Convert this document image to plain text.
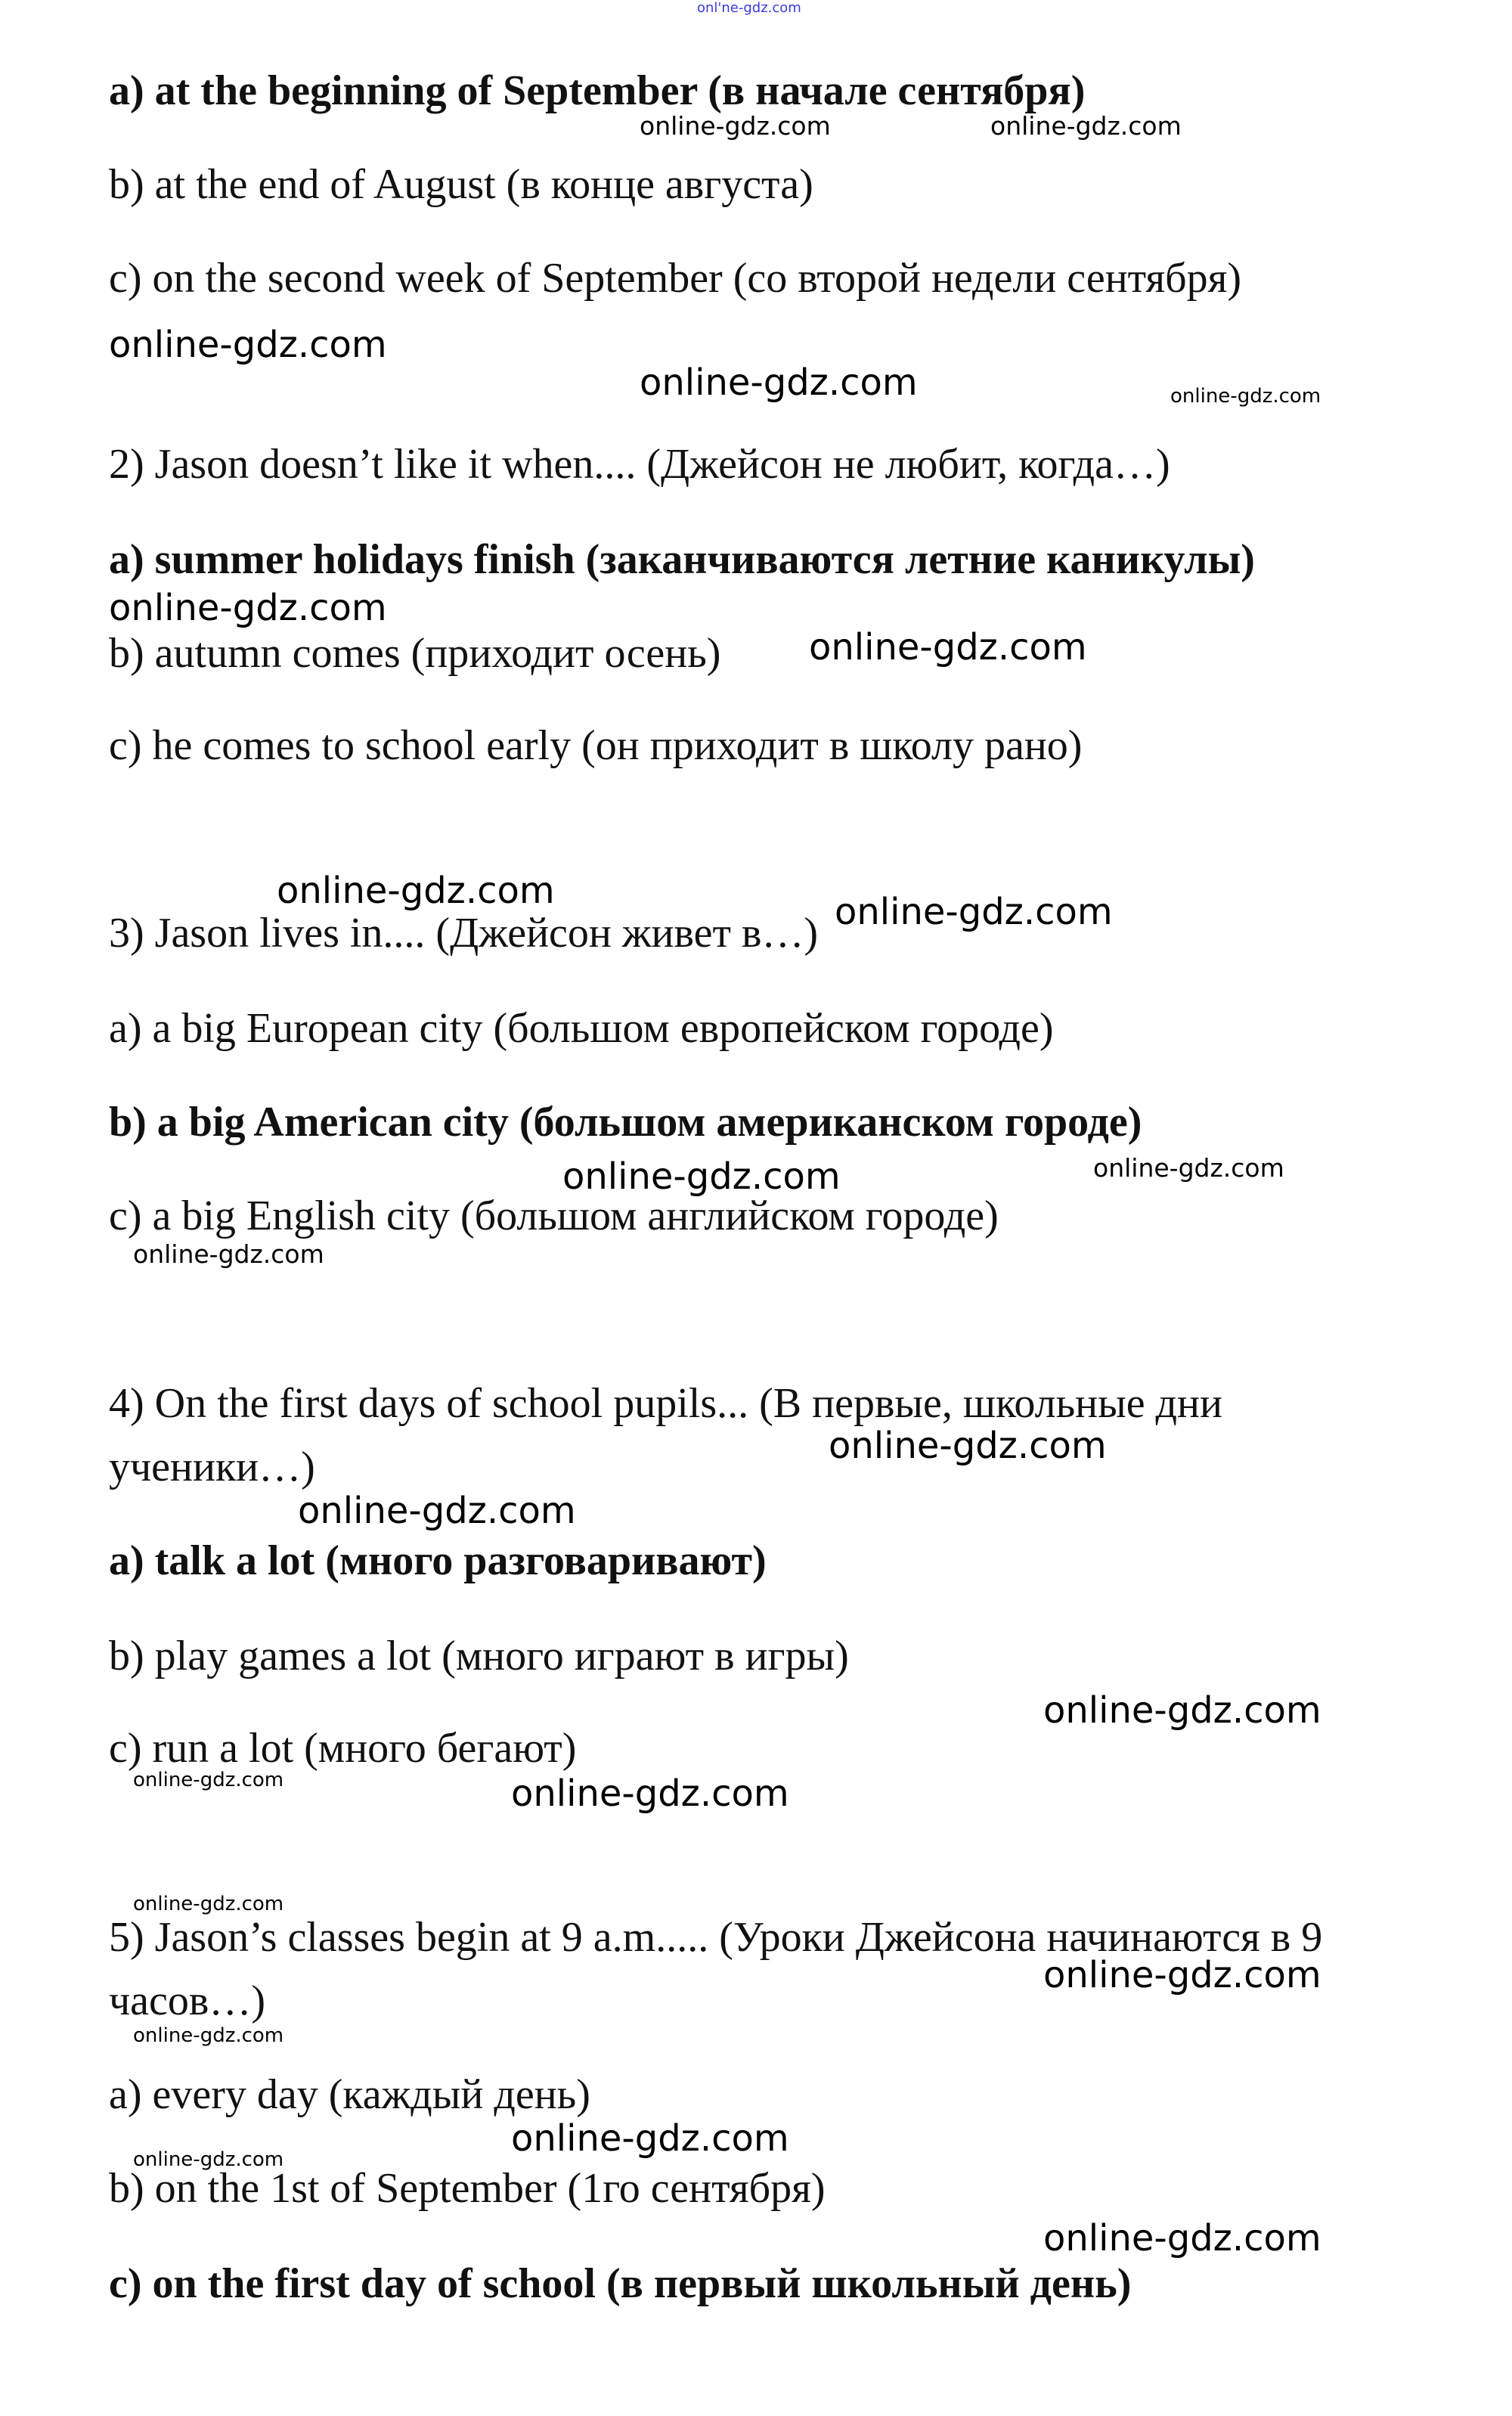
onl'ne-gdz.com
a) at the beginning of September (в начале сентября)
b) at the end of August (в конце августа)
c) on the second week of September (со второй недели сентября)
2) Jason doesn’t like it when.... (Джейсон не любит, когда…)
a) summer holidays finish (заканчиваются летние каникулы)
b) autumn comes (приходит осень)
c) he comes to school early (он приходит в школу рано)
3) Jason lives in.... (Джейсон живет в…)
a) a big European city (большом европейском городе)
b) a big American city (большом американском городе)
c) a big English city (большом английском городе)
4) On the first days of school pupils... (В первые, школьные дни
ученики…)
a) talk a lot (много разговаривают)
b) play games a lot (много играют в игры)
c) run a lot (много бегают)
5) Jason’s classes begin at 9 a.m..... (Уроки Джейсона начинаются в 9
часов…)
a) every day (каждый день)
b) on the 1st of September (1го сентября)
c) on the first day of school (в первый школьный день)
online-gdz.com	online-gdz.com
online-gdz.com
online-gdz.com	online-gdz.com
online-gdz.com
online-gdz.com
online-gdz.com	online-gdz.com
online-gdz.com	online-gdz.com
online-gdz.com
online-gdz.com
online-gdz.com
online-gdz.com
online-gdz.com	online-gdz.com
online-gdz.com
online-gdz.com
online-gdz.com
online-gdz.com
online-gdz.com
online-gdz.com
